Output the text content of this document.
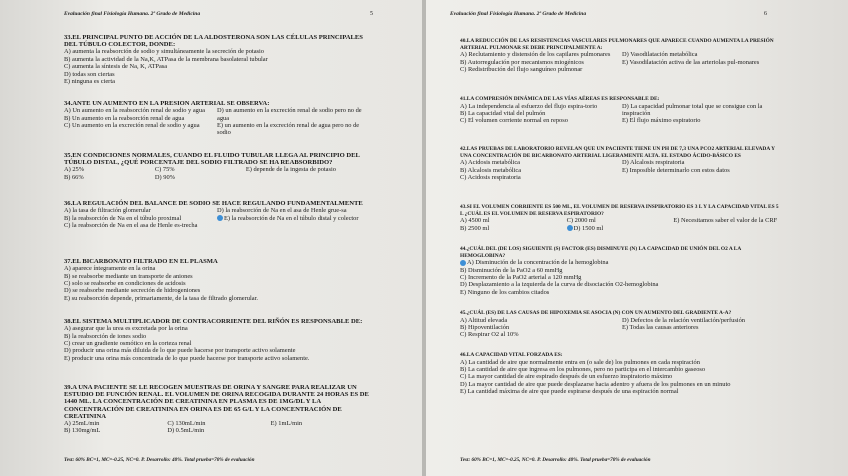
Evaluación final Fisiología Humana. 2º Grado de Medicina	5
33.EL PRINCIPAL PUNTO DE ACCIÓN DE LA ALDOSTERONA SON LAS CÉLULAS PRINCIPALES DEL TÚBULO COLECTOR, DONDE:
A) aumenta la reabsorción de sodio y simultáneamente la secreción de potasio
B) aumenta la actividad de la Na,K, ATPasa de la membrana basolateral tubular
C) aumenta la síntesis de Na, K, ATPasa
D) todas son ciertas
E) ninguna es cierta
34.ANTE UN AUMENTO EN LA PRESION ARTERIAL SE OBSERVA:
A) Un aumento en la reabsorción renal de sodio y agua
B) Un aumento en la reabsorción renal de agua
C) Un aumento en la excreción renal de sodio y agua
D) un aumento en la excreción renal de sodio pero no de agua
E) un aumento en la excreción renal de agua pero no de sodio
35.EN CONDICIONES NORMALES, CUANDO EL FLUIDO TUBULAR LLEGA AL PRINCIPIO DEL TÚBULO DISTAL, ¿QUÉ PORCENTAJE DEL SODIO FILTRADO SE HA REABSORBIDO?
A) 25%
B) 66%
C) 75%
D) 90%
E) depende de la ingesta de potasio
36.LA REGULACIÓN DEL BALANCE DE SODIO SE HACE REGULANDO FUNDAMENTALMENTE
A) la tasa de filtración glomerular
B) la reabsorción de Na en el túbulo proximal
C) la reabsorción de Na en el asa de Henle es-trecha
D) la reabsorción de Na en el asa de Henle grue-sa
E) la reabsorción de Na en el túbulo distal y colector
37.EL BICARBONATO FILTRADO EN EL PLASMA
A) aparece íntegramente en la orina
B) se reabsorbe mediante un transporte de aniones
C) solo se reabsorbe en condiciones de acidosis
D) se reabsorbe mediante secreción de hidrogeniones
E) su reabsorción depende, primariamente, de la tasa de filtrado glomerular.
38.EL SISTEMA MULTIPLICADOR DE CONTRACORRIENTE DEL RIÑÓN ES RESPONSABLE DE:
A) asegurar que la urea es excretada por la orina
B) la reabsorción de iones sodio
C) crear un gradiente osmótico en la corteza renal
D) producir una orina más diluida de lo que puede hacerse por transporte activo solamente
E) producir una orina más concentrada de lo que puede hacerse por transporte activo solamente.
39.A UNA PACIENTE SE LE RECOGEN MUESTRAS DE ORINA Y SANGRE PARA REALIZAR UN ESTUDIO DE FUNCIÓN RENAL. EL VOLUMEN DE ORINA RECOGIDA DURANTE 24 HORAS ES DE 1440 ML. LA CONCENTRACIÓN DE CREATININA EN PLASMA ES DE 1MG/DL Y LA CONCENTRACIÓN DE CREATININA EN ORINA ES DE 65 G/L Y LA CONCENTRACIÓN DE CREATININA
A) 25mL/min
B) 130mg/mL
C) 130mL/min
D) 0.5mL/min
E) 1mL/min
Test: 60% BC=1, MC=-0.25, NC=0. P. Desarrollo: 40%. Total prueba=70% de evaluación
Evaluación final Fisiología Humana. 2º Grado de Medicina	6
40.LA REDUCCIÓN DE LAS RESISTENCIAS VASCULARES PULMONARES QUE APARECE CUANDO AUMENTA LA PRESIÓN ARTERIAL PULMONAR SE DEBE PRINCIPALMENTE A:
A) Reclutamiento y distensión de los capilares pulmonares
B) Autorregulación por mecanismos miogénicos
C) Redistribución del flujo sanguíneo pulmonar
D) Vasodilatación metabólica
E) Vasodilatación activa de las arteriolas pul-monares
41.LA COMPRESIÓN DINÁMICA DE LAS VÍAS AÉREAS ES RESPONSABLE DE:
A) La independencia al esfuerzo del flujo espira-torio
B) La capacidad vital del pulmón
C) El volumen corriente normal en reposo
D) La capacidad pulmonar total que se consigue con la inspiración
E) El flujo máximo espiratorio
42.LAS PRUEBAS DE LABORATORIO REVELAN QUE UN PACIENTE TIENE UN PH DE 7,3 UNA PCO2 ARTERIAL ELEVADA Y UNA CONCENTRACIÓN DE BICARBONATO ARTERIAL LIGERAMENTE ALTA. EL ESTADO ÁCIDO-BÁSICO ES
A) Acidosis metabólica
B) Alcalosis metabólica
C) Acidosis respiratoria
D) Alcalosis respiratoria
E) Imposible determinarlo con estos datos
43.SI EL VOLUMEN CORRIENTE ES 500 ML, EL VOLUMEN DE RESERVA INSPIRATORIO ES 3 L Y LA CAPACIDAD VITAL ES 5 L ¿CUÁL ES EL VOLUMEN DE RESERVA ESPIRATORIO?
A) 4500 ml
B) 2500 ml
C) 2000 ml
D) 1500 ml
E) Necesitamos saber el valor de la CRF
44.¿CUÁL DEL (DE LOS) SIGUIENTE (S) FACTOR (ES) DISMINUYE (N) LA CAPACIDAD DE UNIÓN DEL O2 A LA HEMOGLOBINA?
A) Disminución de la concentración de la hemoglobina
B) Disminución de la PaO2 a 60 mmHg
C) Incremento de la PaO2 arterial a 120 mmHg
D) Desplazamiento a la izquierda de la curva de disociación O2-hemoglobina
E) Ninguno de los cambios citados
45.¿CUÁL (ES) DE LAS CAUSAS DE HIPOXEMIA SE ASOCIA (N) CON UN AUMENTO DEL GRADIENTE A-A?
A) Altitud elevada
B) Hipoventilación
C) Respirar O2 al 10%
D) Defectos de la relación ventilación/perfusión
E) Todas las causas anteriores
46.LA CAPACIDAD VITAL FORZADA ES:
A) La cantidad de aire que normalmente entra en (o sale de) los pulmones en cada respiración
B) La cantidad de aire que ingresa en los pulmones, pero no participa en el intercambio gaseoso
C) La mayor cantidad de aire espirado después de un esfuerzo inspiratorio máximo
D) La mayor cantidad de aire que puede desplazarse hacia adentro y afuera de los pulmones en un minuto
E) La cantidad máxima de aire que puede espirarse después de una espiración normal
Test: 60% BC=1, MC=-0.25, NC=0. P. Desarrollo: 40%. Total prueba=70% de evaluación
